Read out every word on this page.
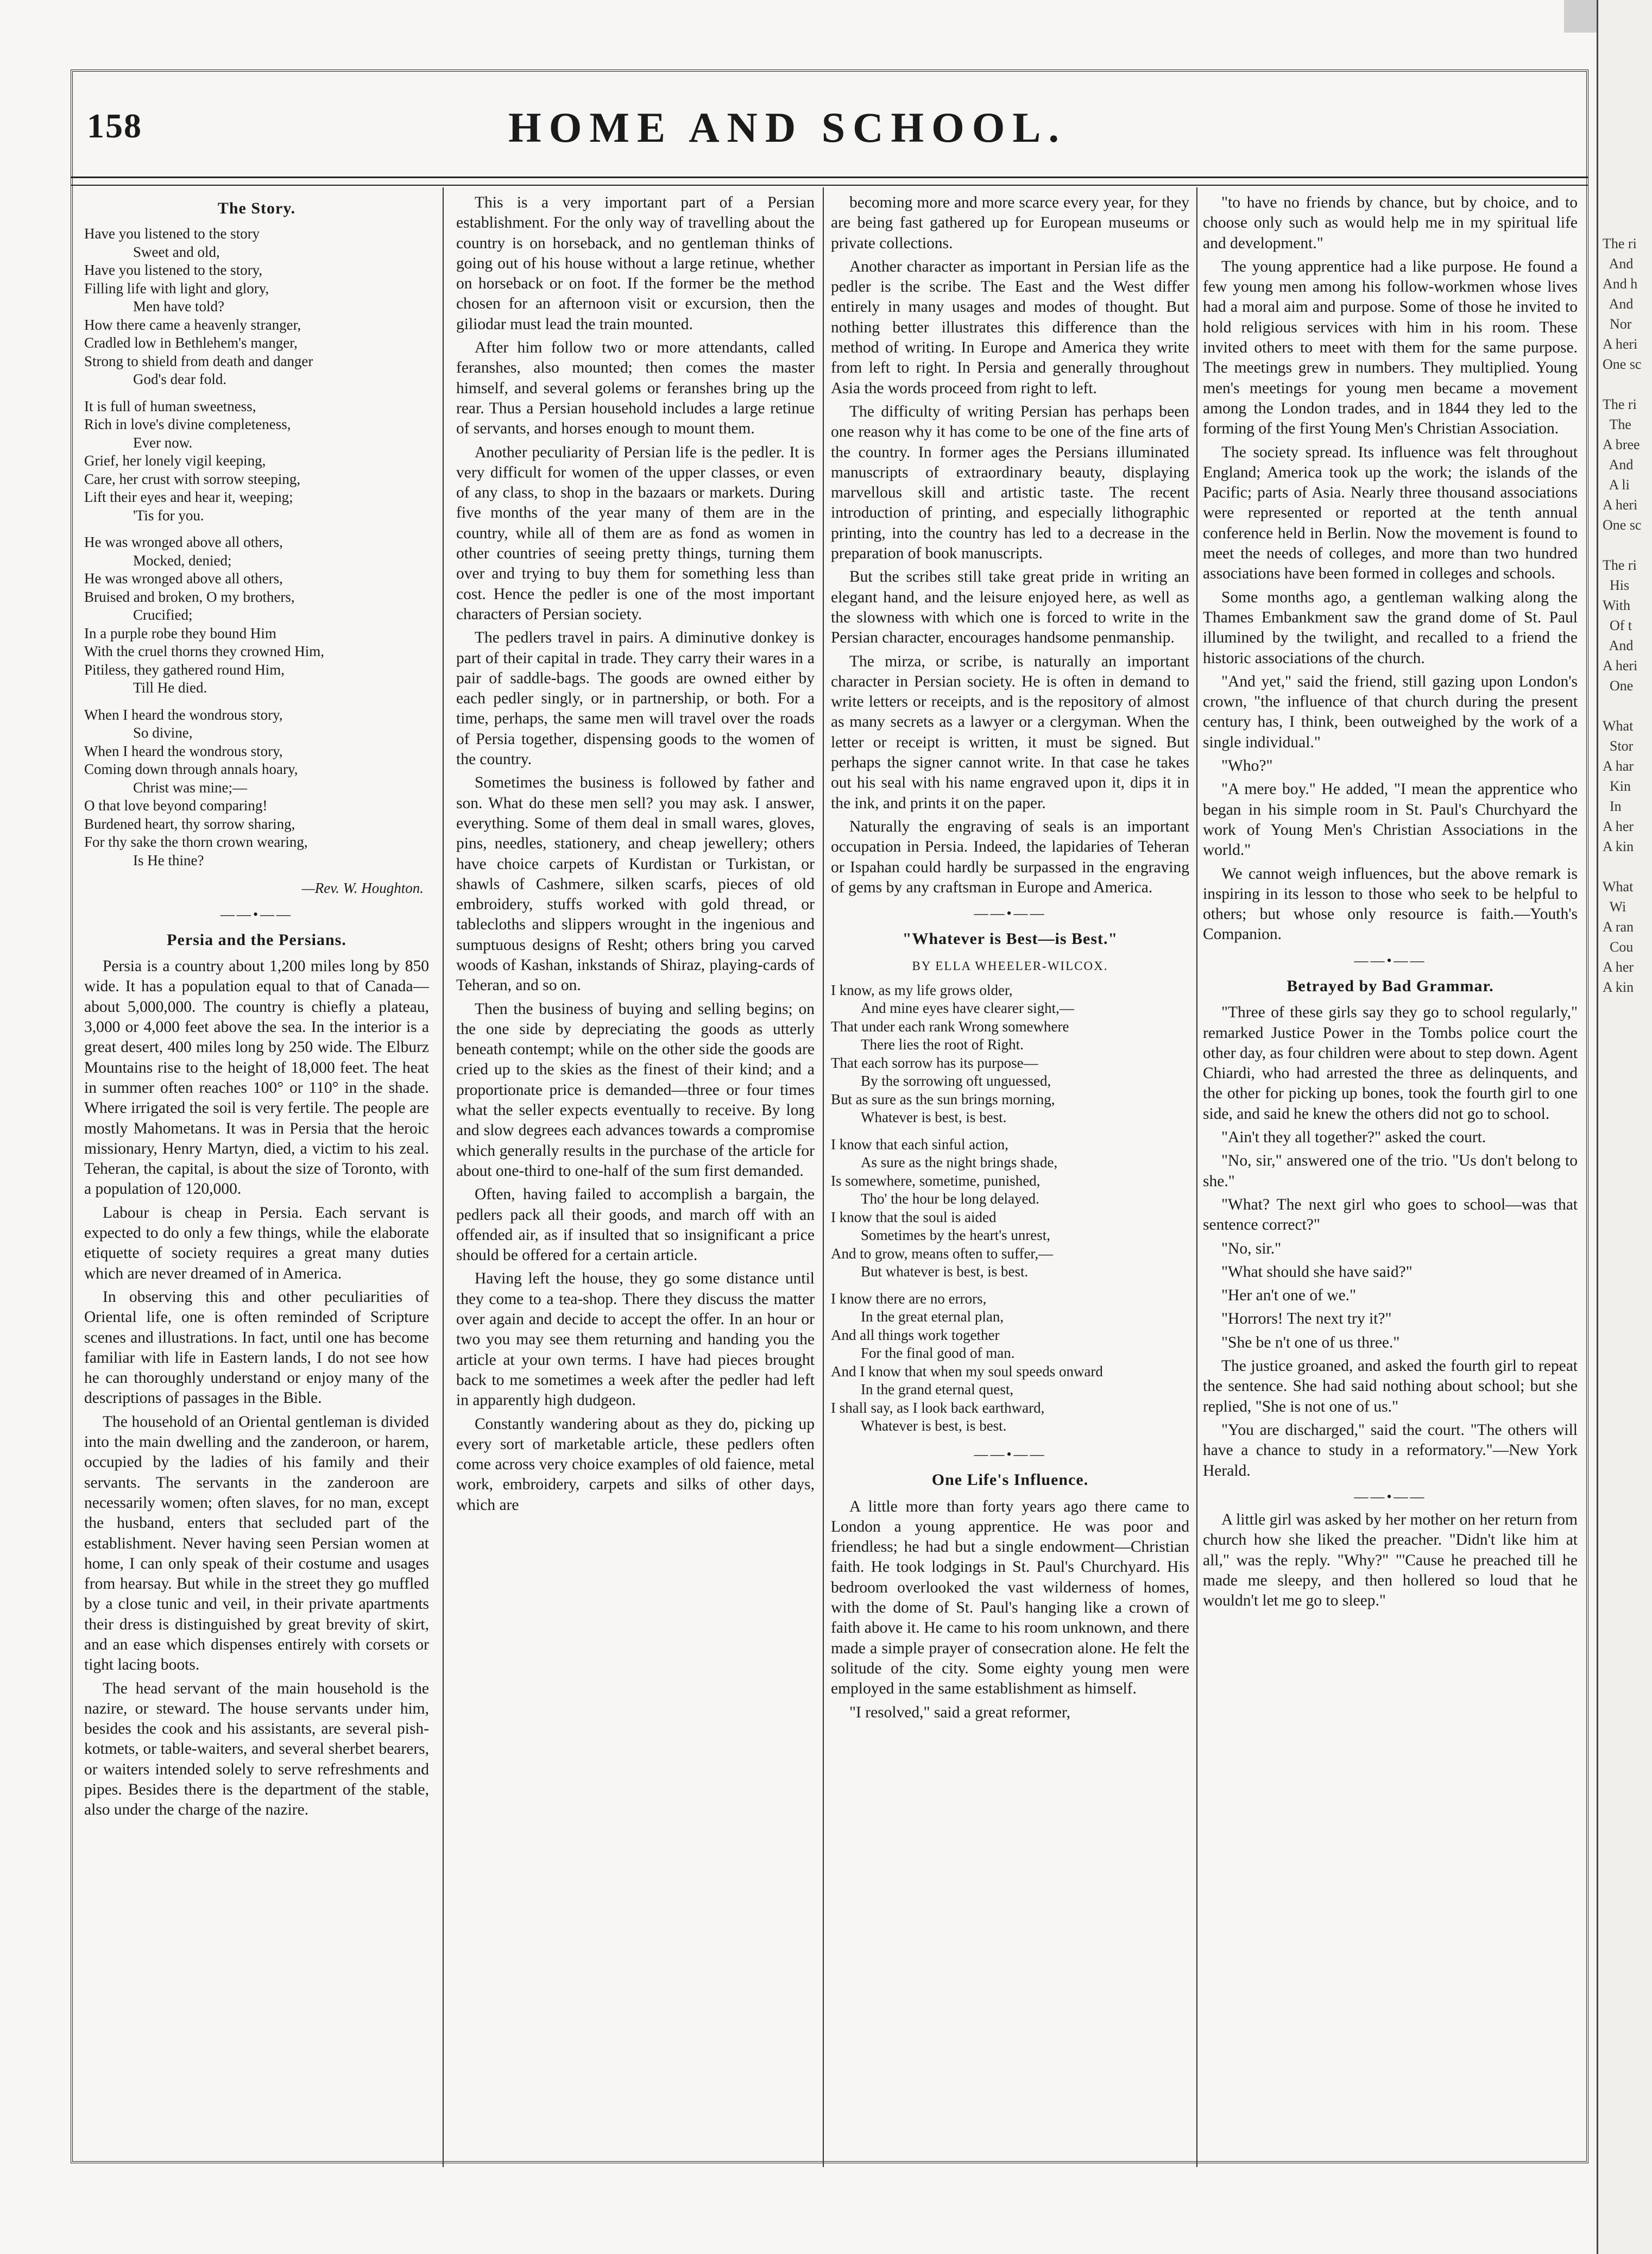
158	HOME AND SCHOOL.
The Story.
Have you listened to the story
Sweet and old,
Have you listened to the story,
Filling life with light and glory,
Men have told?
How there came a heavenly stranger,
Cradled low in Bethlehem's manger,
Strong to shield from death and danger
God's dear fold.
It is full of human sweetness,
Rich in love's divine completeness,
Ever now.
Grief, her lonely vigil keeping,
Care, her crust with sorrow steeping,
Lift their eyes and hear it, weeping;
'Tis for you.
He was wronged above all others,
Mocked, denied;
He was wronged above all others,
Bruised and broken, O my brothers,
Crucified;
In a purple robe they bound Him
With the cruel thorns they crowned Him,
Pitiless, they gathered round Him,
Till He died.
When I heard the wondrous story,
So divine,
When I heard the wondrous story,
Coming down through annals hoary,
Christ was mine;—
O that love beyond comparing!
Burdened heart, thy sorrow sharing,
For thy sake the thorn crown wearing,
Is He thine?
—Rev. W. Houghton.
——•——
Persia and the Persians.

Persia is a country about 1,200 miles long by 850 wide. It has a population equal to that of Canada—about 5,000,000. The country is chiefly a plateau, 3,000 or 4,000 feet above the sea. In the interior is a great desert, 400 miles long by 250 wide. The Elburz Mountains rise to the height of 18,000 feet. The heat in summer often reaches 100° or 110° in the shade. Where irrigated the soil is very fertile. The people are mostly Mahometans. It was in Persia that the heroic missionary, Henry Martyn, died, a victim to his zeal. Teheran, the capital, is about the size of Toronto, with a population of 120,000.

Labour is cheap in Persia. Each servant is expected to do only a few things, while the elaborate etiquette of society requires a great many duties which are never dreamed of in America.

In observing this and other peculiarities of Oriental life, one is often reminded of Scripture scenes and illustrations. In fact, until one has become familiar with life in Eastern lands, I do not see how he can thoroughly understand or enjoy many of the descriptions of passages in the Bible.

The household of an Oriental gentleman is divided into the main dwelling and the zanderoon, or harem, occupied by the ladies of his family and their servants. The servants in the zanderoon are necessarily women; often slaves, for no man, except the husband, enters that secluded part of the establishment. Never having seen Persian women at home, I can only speak of their costume and usages from hearsay. But while in the street they go muffled by a close tunic and veil, in their private apartments their dress is distinguished by great brevity of skirt, and an ease which dispenses entirely with corsets or tight lacing boots.

The head servant of the main household is the nazire, or steward. The house servants under him, besides the cook and his assistants, are several pish-kotmets, or table-waiters, and several sherbet bearers, or waiters intended solely to serve refreshments and pipes. Besides there is the department of the stable, also under the charge of the nazire.

This is a very important part of a Persian establishment. For the only way of travelling about the country is on horseback, and no gentleman thinks of going out of his house without a large retinue, whether on horseback or on foot. If the former be the method chosen for an afternoon visit or excursion, then the giliodar must lead the train mounted.

After him follow two or more attendants, called feranshes, also mounted; then comes the master himself, and several golems or feranshes bring up the rear. Thus a Persian household includes a large retinue of servants, and horses enough to mount them.

Another peculiarity of Persian life is the pedler. It is very difficult for women of the upper classes, or even of any class, to shop in the bazaars or markets. During five months of the year many of them are in the country, while all of them are as fond as women in other countries of seeing pretty things, turning them over and trying to buy them for something less than cost. Hence the pedler is one of the most important characters of Persian society.

The pedlers travel in pairs. A diminutive donkey is part of their capital in trade. They carry their wares in a pair of saddle-bags. The goods are owned either by each pedler singly, or in partnership, or both. For a time, perhaps, the same men will travel over the roads of Persia together, dispensing goods to the women of the country.

Sometimes the business is followed by father and son. What do these men sell? you may ask. I answer, everything. Some of them deal in small wares, gloves, pins, needles, stationery, and cheap jewellery; others have choice carpets of Kurdistan or Turkistan, or shawls of Cashmere, silken scarfs, pieces of old embroidery, stuffs worked with gold thread, or tablecloths and slippers wrought in the ingenious and sumptuous designs of Resht; others bring you carved woods of Kashan, inkstands of Shiraz, playing-cards of Teheran, and so on.

Then the business of buying and selling begins; on the one side by depreciating the goods as utterly beneath contempt; while on the other side the goods are cried up to the skies as the finest of their kind; and a proportionate price is demanded—three or four times what the seller expects eventually to receive. By long and slow degrees each advances towards a compromise which generally results in the purchase of the article for about one-third to one-half of the sum first demanded.

Often, having failed to accomplish a bargain, the pedlers pack all their goods, and march off with an offended air, as if insulted that so insignificant a price should be offered for a certain article.

Having left the house, they go some distance until they come to a tea-shop. There they discuss the matter over again and decide to accept the offer. In an hour or two you may see them returning and handing you the article at your own terms. I have had pieces brought back to me sometimes a week after the pedler had left in apparently high dudgeon.

Constantly wandering about as they do, picking up every sort of marketable article, these pedlers often come across very choice examples of old faience, metal work, embroidery, carpets and silks of other days, which are

becoming more and more scarce every year, for they are being fast gathered up for European museums or private collections.

Another character as important in Persian life as the pedler is the scribe. The East and the West differ entirely in many usages and modes of thought. But nothing better illustrates this difference than the method of writing. In Europe and America they write from left to right. In Persia and generally throughout Asia the words proceed from right to left.

The difficulty of writing Persian has perhaps been one reason why it has come to be one of the fine arts of the country. In former ages the Persians illuminated manuscripts of extraordinary beauty, displaying marvellous skill and artistic taste. The recent introduction of printing, and especially lithographic printing, into the country has led to a decrease in the preparation of book manuscripts.

But the scribes still take great pride in writing an elegant hand, and the leisure enjoyed here, as well as the slowness with which one is forced to write in the Persian character, encourages handsome penmanship.

The mirza, or scribe, is naturally an important character in Persian society. He is often in demand to write letters or receipts, and is the repository of almost as many secrets as a lawyer or a clergyman. When the letter or receipt is written, it must be signed. But perhaps the signer cannot write. In that case he takes out his seal with his name engraved upon it, dips it in the ink, and prints it on the paper.

Naturally the engraving of seals is an important occupation in Persia. Indeed, the lapidaries of Teheran or Ispahan could hardly be surpassed in the engraving of gems by any craftsman in Europe and America.

——•——
"Whatever is Best—is Best."
BY ELLA WHEELER-WILCOX.
I know, as my life grows older,
And mine eyes have clearer sight,—
That under each rank Wrong somewhere
There lies the root of Right.
That each sorrow has its purpose—
By the sorrowing oft unguessed,
But as sure as the sun brings morning,
Whatever is best, is best.
I know that each sinful action,
As sure as the night brings shade,
Is somewhere, sometime, punished,
Tho' the hour be long delayed.
I know that the soul is aided
Sometimes by the heart's unrest,
And to grow, means often to suffer,—
But whatever is best, is best.
I know there are no errors,
In the great eternal plan,
And all things work together
For the final good of man.
And I know that when my soul speeds onward
In the grand eternal quest,
I shall say, as I look back earthward,
Whatever is best, is best.
——•——
One Life's Influence.

A little more than forty years ago there came to London a young apprentice. He was poor and friendless; he had but a single endowment—Christian faith. He took lodgings in St. Paul's Churchyard. His bedroom overlooked the vast wilderness of homes, with the dome of St. Paul's hanging like a crown of faith above it. He came to his room unknown, and there made a simple prayer of consecration alone. He felt the solitude of the city. Some eighty young men were employed in the same establishment as himself.

"I resolved," said a great reformer,

"to have no friends by chance, but by choice, and to choose only such as would help me in my spiritual life and development."

The young apprentice had a like purpose. He found a few young men among his follow-workmen whose lives had a moral aim and purpose. Some of those he invited to hold religious services with him in his room. These invited others to meet with them for the same purpose. The meetings grew in numbers. They multiplied. Young men's meetings for young men became a movement among the London trades, and in 1844 they led to the forming of the first Young Men's Christian Association.

The society spread. Its influence was felt throughout England; America took up the work; the islands of the Pacific; parts of Asia. Nearly three thousand associations were represented or reported at the tenth annual conference held in Berlin. Now the movement is found to meet the needs of colleges, and more than two hundred associations have been formed in colleges and schools.

Some months ago, a gentleman walking along the Thames Embankment saw the grand dome of St. Paul illumined by the twilight, and recalled to a friend the historic associations of the church.

"And yet," said the friend, still gazing upon London's crown, "the influence of that church during the present century has, I think, been outweighed by the work of a single individual."

"Who?"

"A mere boy." He added, "I mean the apprentice who began in his simple room in St. Paul's Churchyard the work of Young Men's Christian Associations in the world."

We cannot weigh influences, but the above remark is inspiring in its lesson to those who seek to be helpful to others; but whose only resource is faith.—Youth's Companion.

——•——
Betrayed by Bad Grammar.

"Three of these girls say they go to school regularly," remarked Justice Power in the Tombs police court the other day, as four children were about to step down. Agent Chiardi, who had arrested the three as delinquents, and the other for picking up bones, took the fourth girl to one side, and said he knew the others did not go to school.

"Ain't they all together?" asked the court.

"No, sir," answered one of the trio. "Us don't belong to she."

"What? The next girl who goes to school—was that sentence correct?"

"No, sir."

"What should she have said?"

"Her an't one of we."

"Horrors! The next try it?"

"She be n't one of us three."

The justice groaned, and asked the fourth girl to repeat the sentence. She had said nothing about school; but she replied, "She is not one of us."

"You are discharged," said the court. "The others will have a chance to study in a reformatory."—New York Herald.

——•——

A little girl was asked by her mother on her return from church how she liked the preacher. "Didn't like him at all," was the reply. "Why?" "'Cause he preached till he made me sleepy, and then hollered so loud that he wouldn't let me go to sleep."

The ri
And
And h
And
Nor
A heri
One sc

The ri
The
A bree
And
A li
A heri
One sc

The ri
His
With
Of t
And
A heri
One

What
Stor
A har
Kin
In
A her
A kin

What
Wi
A ran
Cou
A her
A kin
